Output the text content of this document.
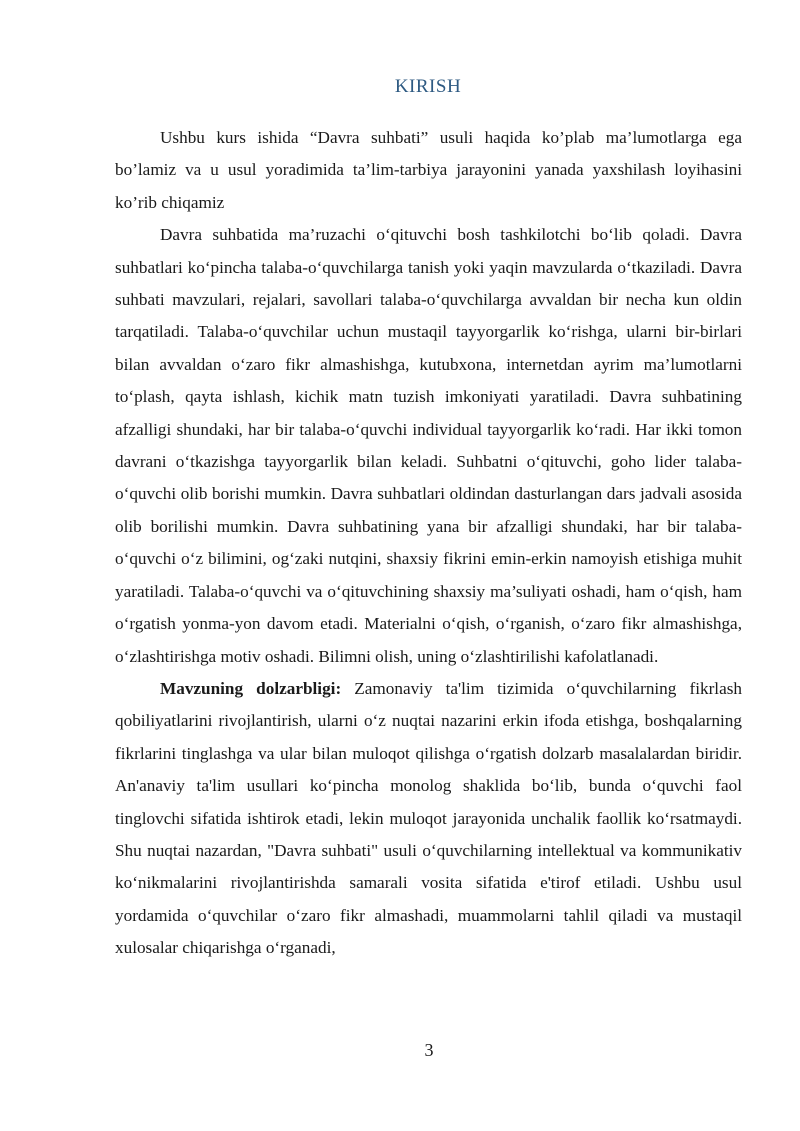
KIRISH

Ushbu kurs ishida “Davra suhbati” usuli haqida ko’plab ma’lumotlarga ega bo’lamiz va u usul yoradimida ta’lim-tarbiya jarayonini yanada yaxshilash loyihasini ko’rib chiqamiz

Davra suhbatida ma’ruzachi oʻqituvchi bosh tashkilotchi boʻlib qoladi. Davra suhbatlari koʻpincha talaba-oʻquvchilarga tanish yoki yaqin mavzularda oʻtkaziladi. Davra suhbati mavzulari, rejalari, savollari talaba-oʻquvchilarga avvaldan bir necha kun oldin tarqatiladi. Talaba-oʻquvchilar uchun mustaqil tayyorgarlik koʻrishga, ularni bir-birlari bilan avvaldan oʻzaro fikr almashishga, kutubxona, internetdan ayrim ma’lumotlarni toʻplash, qayta ishlash, kichik matn tuzish imkoniyati yaratiladi. Davra suhbatining afzalligi shundaki, har bir talaba-oʻquvchi individual tayyorgarlik koʻradi. Har ikki tomon davrani oʻtkazishga tayyorgarlik bilan keladi. Suhbatni oʻqituvchi, goho lider talaba-oʻquvchi olib borishi mumkin. Davra suhbatlari oldindan dasturlangan dars jadvali asosida olib borilishi mumkin. Davra suhbatining yana bir afzalligi shundaki, har bir talaba-oʻquvchi oʻz bilimini, ogʻzaki nutqini, shaxsiy fikrini emin-erkin namoyish etishiga muhit yaratiladi. Talaba-oʻquvchi va oʻqituvchining shaxsiy ma’suliyati oshadi, ham oʻqish, ham oʻrgatish yonma-yon davom etadi. Materialni oʻqish, oʻrganish, oʻzaro fikr almashishga, oʻzlashtirishga motiv oshadi. Bilimni olish, uning oʻzlashtirilishi kafolatlanadi.

Mavzuning dolzarbligi: Zamonaviy ta'lim tizimida oʻquvchilarning fikrlash qobiliyatlarini rivojlantirish, ularni oʻz nuqtai nazarini erkin ifoda etishga, boshqalarning fikrlarini tinglashga va ular bilan muloqot qilishga oʻrgatish dolzarb masalalardan biridir. An'anaviy ta'lim usullari koʻpincha monolog shaklida boʻlib, bunda oʻquvchi faol tinglovchi sifatida ishtirok etadi, lekin muloqot jarayonida unchalik faollik koʻrsatmaydi. Shu nuqtai nazardan, "Davra suhbati" usuli oʻquvchilarning intellektual va kommunikativ koʻnikmalarini rivojlantirishda samarali vosita sifatida e'tirof etiladi. Ushbu usul yordamida oʻquvchilar oʻzaro fikr almashadi, muammolarni tahlil qiladi va mustaqil xulosalar chiqarishga oʻrganadi,

3
